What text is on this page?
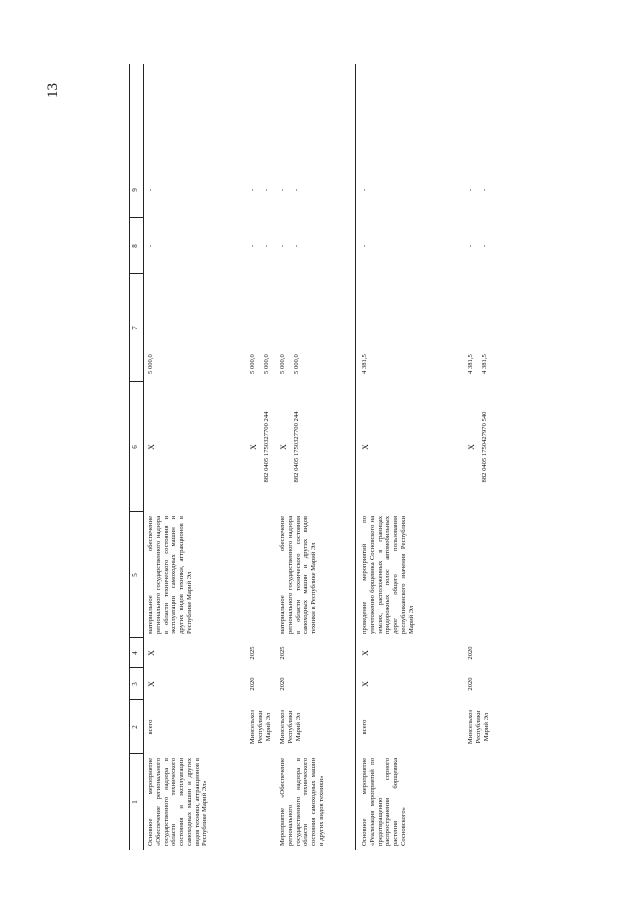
13
1
2
3
4
5
6
7
8
9
Основное мероприятие «Обеспечение регионального государственного надзора в области технического состояния и эксплуатации самоходных машин и других видов техники, аттракционов в Республике Марий Эл»
всего
X
X
материальное обеспечение регионального государственного надзора в области технического состояния и эксплуатации самоходных машин и других видов техники, аттракционов в Республике Марий Эл
X
5 000,0
-
-
Минсельхоз Республики Марий Эл
2020
2025
X 882 0405 1750327700 244
5 000,0 5 000,0
- -
- -
Мероприятие «Обеспечение регионального государственного надзора в области технического состояния самоходных машин и других видов техники»
Минсельхоз Республики Марий Эл
2020
2025
материальное обеспечение регионального государственного надзора в области технического состояния самоходных машин и других видов техники в Республике Марий Эл
X 882 0405 1750327700 244
5 000,0 5 000,0
- -
- -
Основное мероприятие «Реализация мероприятий по предотвращению распространения сорного растения борщевика Сосновского»
всего
X
X
проведение мероприятий по уничтожению борщевика Сосновского на землях, расположенных в границах придорожных полос автомобильных дорог общего пользования республиканского значения Республики Марий Эл
X
4 381,5
-
-
Минсельхоз Республики Марий Эл
2020
2020
X 882 0405 1750427970 540
4 381,5 4 381,5
- -
- -
